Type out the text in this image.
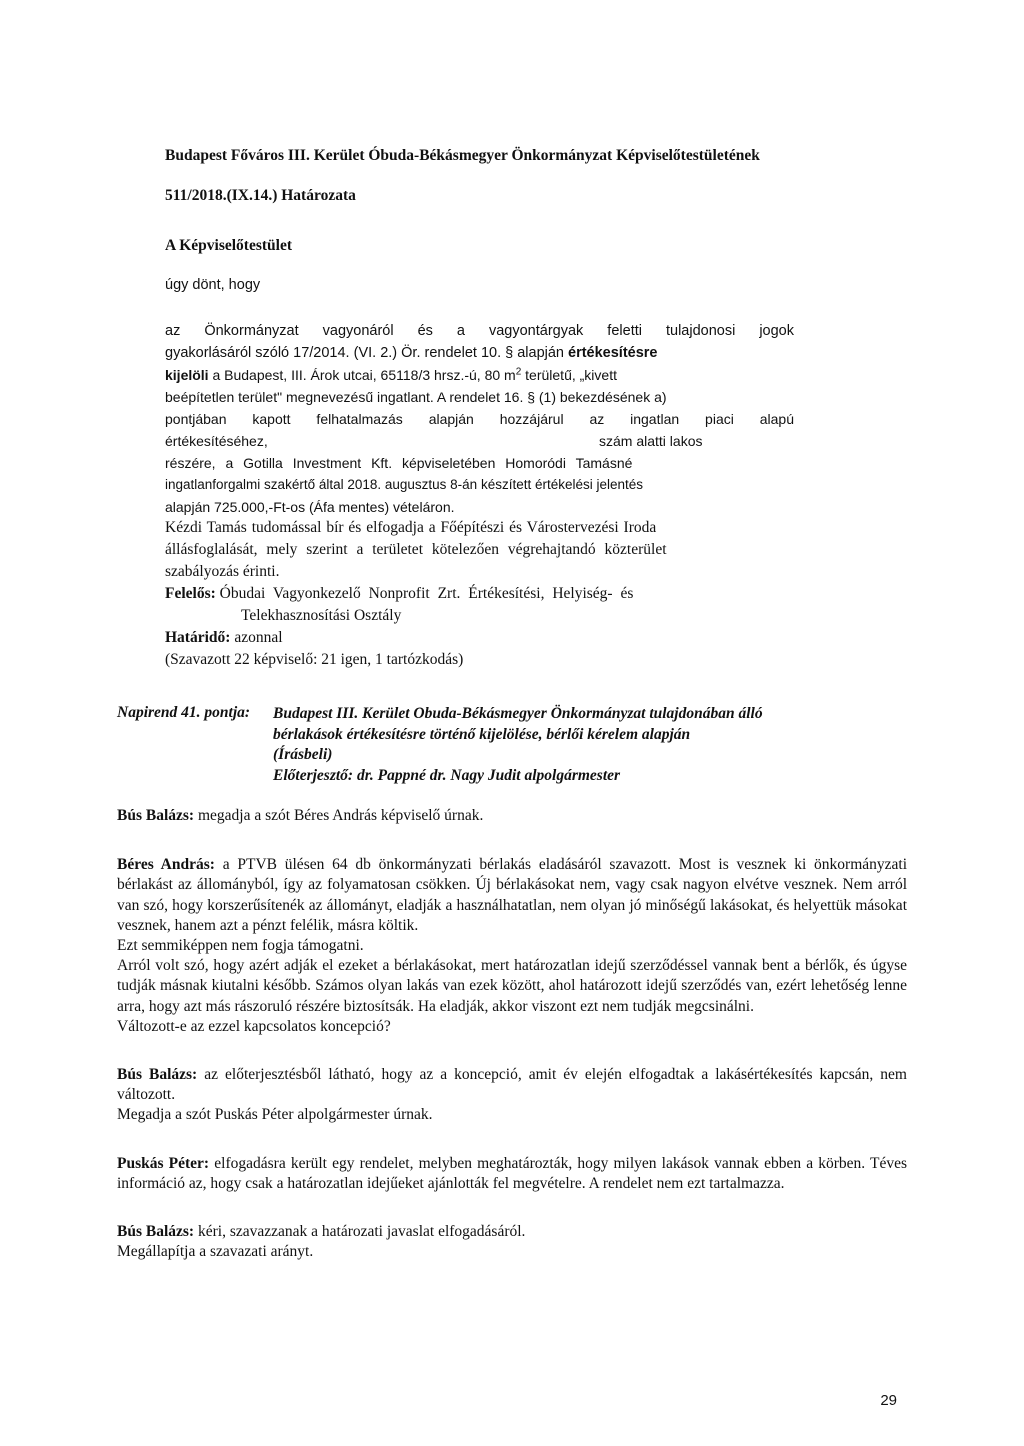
Budapest Főváros III. Kerület Óbuda-Békásmegyer Önkormányzat Képviselőtestületének
511/2018.(IX.14.) Határozata
A Képviselőtestület
úgy dönt, hogy
az Önkormányzat vagyonáról és a vagyontárgyak feletti tulajdonosi jogok
gyakorlásáról szóló 17/2014. (VI. 2.) Ör. rendelet 10. § alapján értékesítésre
kijelöli a Budapest, III. Árok utcai, 65118/3 hrsz.-ú, 80 $m^2$ területű, „kivett
beépítetlen terület" megnevezésű ingatlant. A rendelet 16. § (1) bekezdésének a)
pontjában kapott felhatalmazás alapján hozzájárul az ingatlan piaci alapú
értékesítéséhez,	szám alatti lakos
részére, a Gotilla Investment Kft. képviseletében Homoródi Tamásné
ingatlanforgalmi szakértő által 2018. augusztus 8-án készített értékelési jelentés
alapján 725.000,-Ft-os (Áfa mentes) vételáron.
Kézdi Tamás tudomással bír és elfogadja a Főépítészi és Várostervezési Iroda
állásfoglalását, mely szerint a területet kötelezően végrehajtandó közterület
szabályozás érinti.
Felelős: Óbudai Vagyonkezelő Nonprofit Zrt. Értékesítési, Helyiség- és
Telekhasznosítási Osztály
Határidő: azonnal
(Szavazott 22 képviselő: 21 igen, 1 tartózkodás)
Napirend 41. pontja: Budapest III. Kerület Obuda-Békásmegyer Önkormányzat tulajdonában álló
bérlakások értékesítésre történő kijelölése, bérlői kérelem alapján
(Írásbeli)
Előterjesztő: dr. Pappné dr. Nagy Judit alpolgármester

Bús Balázs: megadja a szót Béres András képviselő úrnak.

Béres András: a PTVB ülésen 64 db önkormányzati bérlakás eladásáról szavazott. Most is vesznek ki önkormányzati bérlakást az állományból, így az folyamatosan csökken. Új bérlakásokat nem, vagy csak nagyon elvétve vesznek. Nem arról van szó, hogy korszerűsítenék az állományt, eladják a használhatatlan, nem olyan jó minőségű lakásokat, és helyettük másokat vesznek, hanem azt a pénzt felélik, másra költik.

Ezt semmiképpen nem fogja támogatni.

Arról volt szó, hogy azért adják el ezeket a bérlakásokat, mert határozatlan idejű szerződéssel vannak bent a bérlők, és úgyse tudják másnak kiutalni később. Számos olyan lakás van ezek között, ahol határozott idejű szerződés van, ezért lehetőség lenne arra, hogy azt más rászoruló részére biztosítsák. Ha eladják, akkor viszont ezt nem tudják megcsinálni.

Változott-e az ezzel kapcsolatos koncepció?

Bús Balázs: az előterjesztésből látható, hogy az a koncepció, amit év elején elfogadtak a lakásértékesítés kapcsán, nem változott.

Megadja a szót Puskás Péter alpolgármester úrnak.

Puskás Péter: elfogadásra került egy rendelet, melyben meghatározták, hogy milyen lakások vannak ebben a körben. Téves információ az, hogy csak a határozatlan idejűeket ajánlották fel megvételre. A rendelet nem ezt tartalmazza.

Bús Balázs: kéri, szavazzanak a határozati javaslat elfogadásáról.

Megállapítja a szavazati arányt.

29
